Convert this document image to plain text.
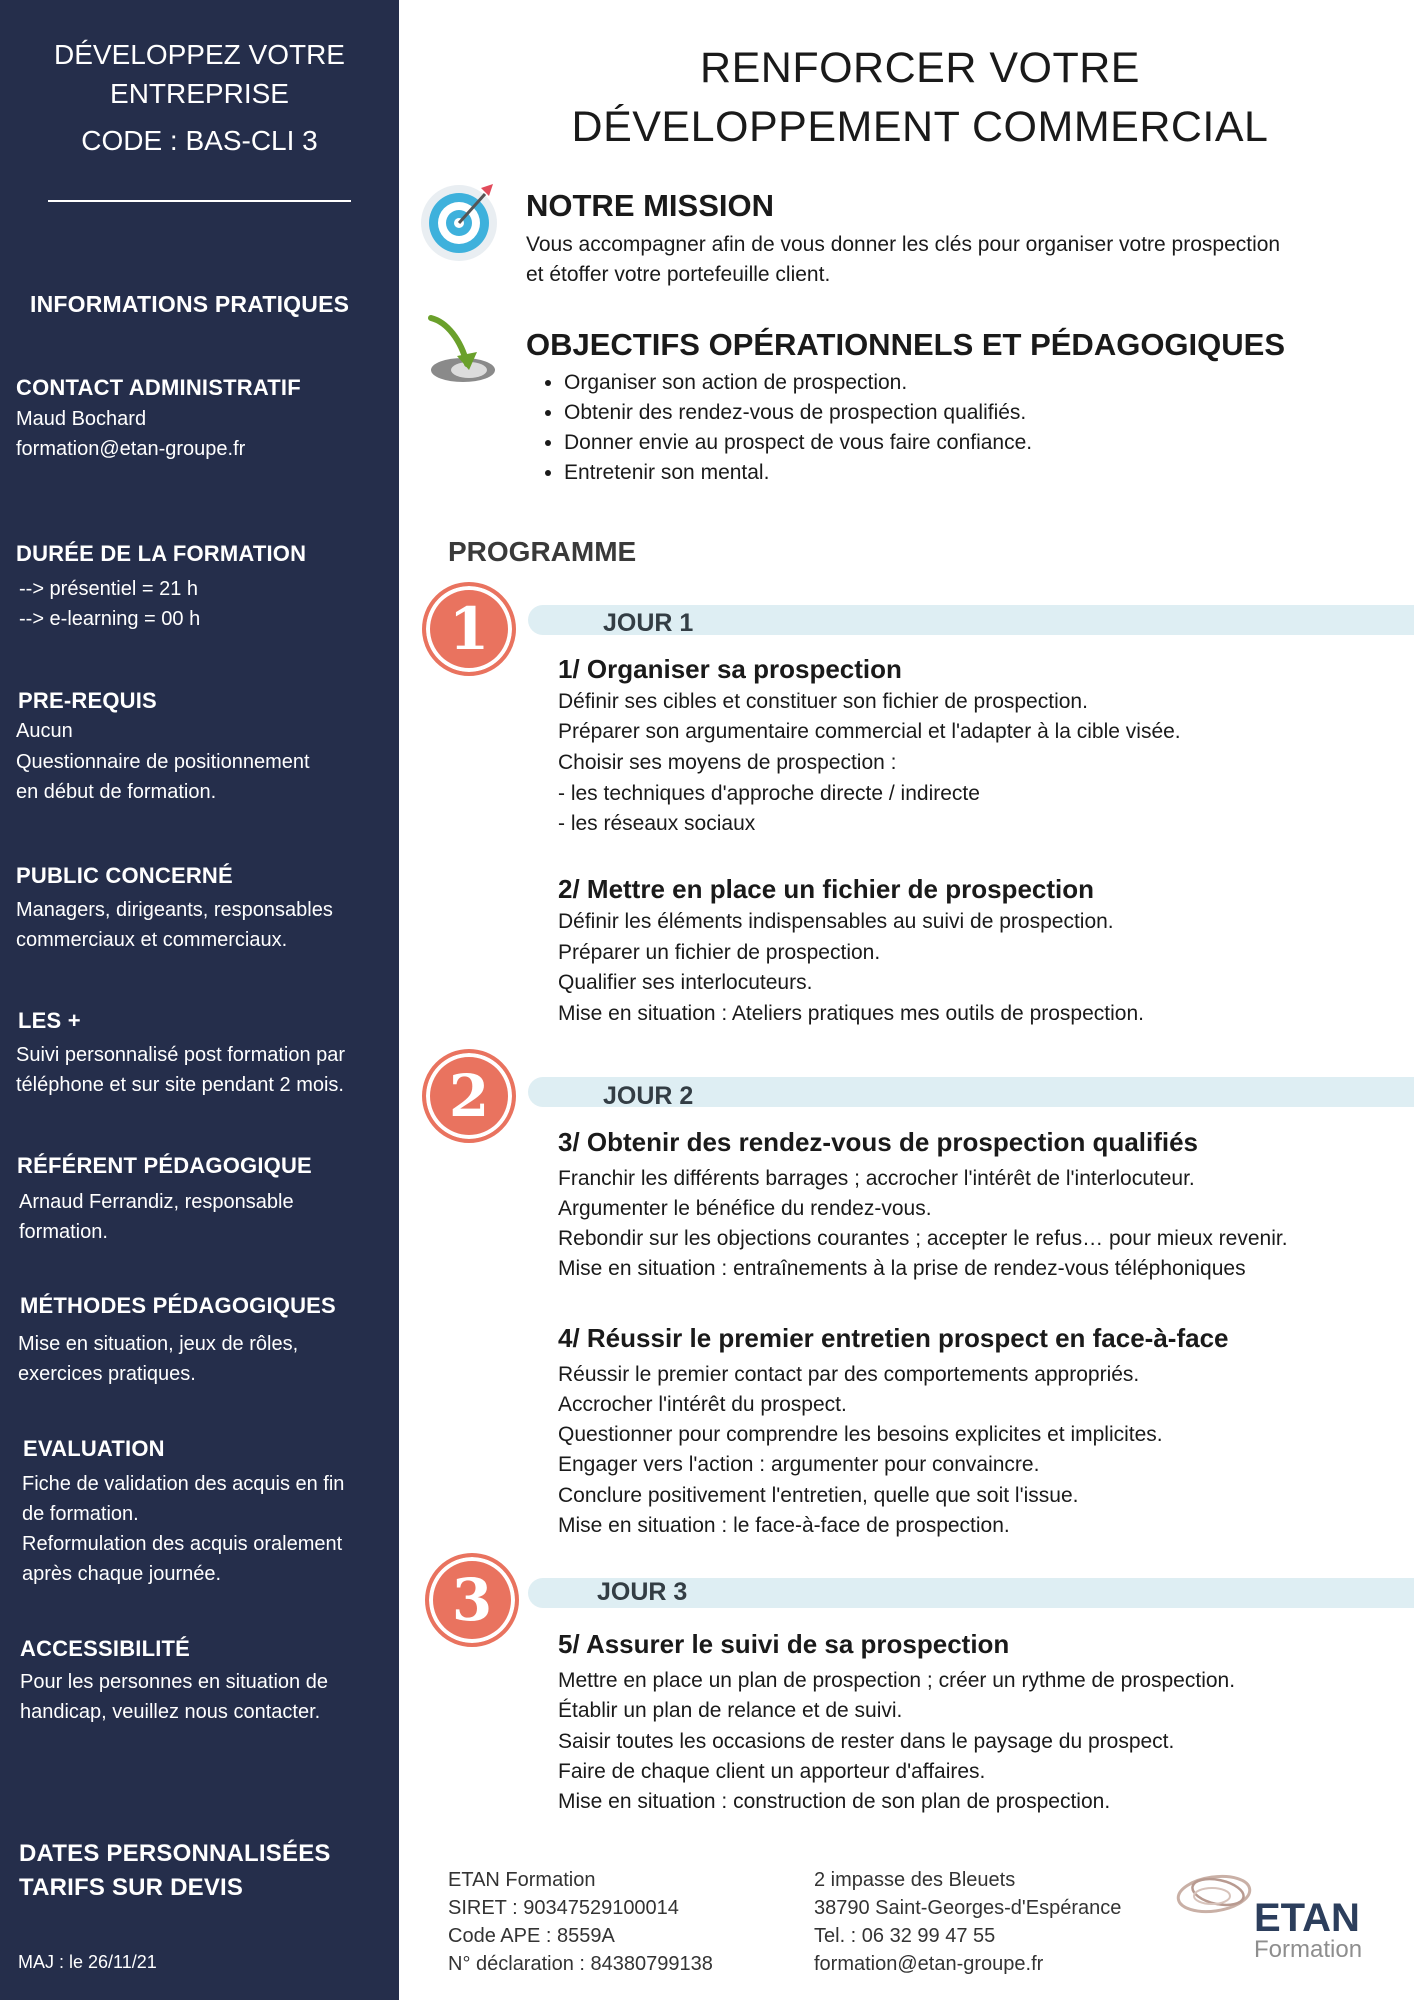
DÉVELOPPEZ VOTRE
ENTREPRISE
CODE : BAS-CLI 3
INFORMATIONS PRATIQUES
CONTACT ADMINISTRATIF
Maud Bochard
formation@etan-groupe.fr
DURÉE DE LA FORMATION
--> présentiel = 21 h
--> e-learning = 00 h
PRE-REQUIS
Aucun
Questionnaire de positionnement
en début de formation.
PUBLIC CONCERNÉ
Managers, dirigeants, responsables
commerciaux et commerciaux.
LES +
Suivi personnalisé post formation par
téléphone et sur site pendant 2 mois.
RÉFÉRENT PÉDAGOGIQUE
Arnaud Ferrandiz, responsable
formation.
MÉTHODES PÉDAGOGIQUES
Mise en situation, jeux de rôles,
exercices pratiques.
EVALUATION
Fiche de validation des acquis en fin
de formation.
Reformulation des acquis oralement
après chaque journée.
ACCESSIBILITÉ
Pour les personnes en situation de
handicap, veuillez nous contacter.
DATES PERSONNALISÉES
TARIFS SUR DEVIS
MAJ : le 26/11/21
RENFORCER VOTRE
DÉVELOPPEMENT COMMERCIAL
NOTRE MISSION
Vous accompagner afin de vous donner les clés pour organiser votre prospection
et étoffer votre portefeuille client.
OBJECTIFS OPÉRATIONNELS ET PÉDAGOGIQUES
• Organiser son action de prospection.
• Obtenir des rendez-vous de prospection qualifiés.
• Donner envie au prospect de vous faire confiance.
• Entretenir son mental.
PROGRAMME
1	JOUR 1
1/ Organiser sa prospection
Définir ses cibles et constituer son fichier de prospection.
Préparer son argumentaire commercial et l'adapter à la cible visée.
Choisir ses moyens de prospection :
- les techniques d'approche directe / indirecte
- les réseaux sociaux
2/ Mettre en place un fichier de prospection
Définir les éléments indispensables au suivi de prospection.
Préparer un fichier de prospection.
Qualifier ses interlocuteurs.
Mise en situation : Ateliers pratiques mes outils de prospection.
2	JOUR 2
3/ Obtenir des rendez-vous de prospection qualifiés
Franchir les différents barrages ; accrocher l'intérêt de l'interlocuteur.
Argumenter le bénéfice du rendez-vous.
Rebondir sur les objections courantes ; accepter le refus… pour mieux revenir.
Mise en situation : entraînements à la prise de rendez-vous téléphoniques
4/ Réussir le premier entretien prospect en face-à-face
Réussir le premier contact par des comportements appropriés.
Accrocher l'intérêt du prospect.
Questionner pour comprendre les besoins explicites et implicites.
Engager vers l'action : argumenter pour convaincre.
Conclure positivement l'entretien, quelle que soit l'issue.
Mise en situation : le face-à-face de prospection.
3	JOUR 3
5/ Assurer le suivi de sa prospection
Mettre en place un plan de prospection ; créer un rythme de prospection.
Établir un plan de relance et de suivi.
Saisir toutes les occasions de rester dans le paysage du prospect.
Faire de chaque client un apporteur d'affaires.
Mise en situation : construction de son plan de prospection.
ETAN Formation
SIRET : 90347529100014
Code APE : 8559A
N° déclaration : 84380799138
2 impasse des Bleuets
38790 Saint-Georges-d'Espérance
Tel. : 06 32 99 47 55
formation@etan-groupe.fr
ETAN
Formation
